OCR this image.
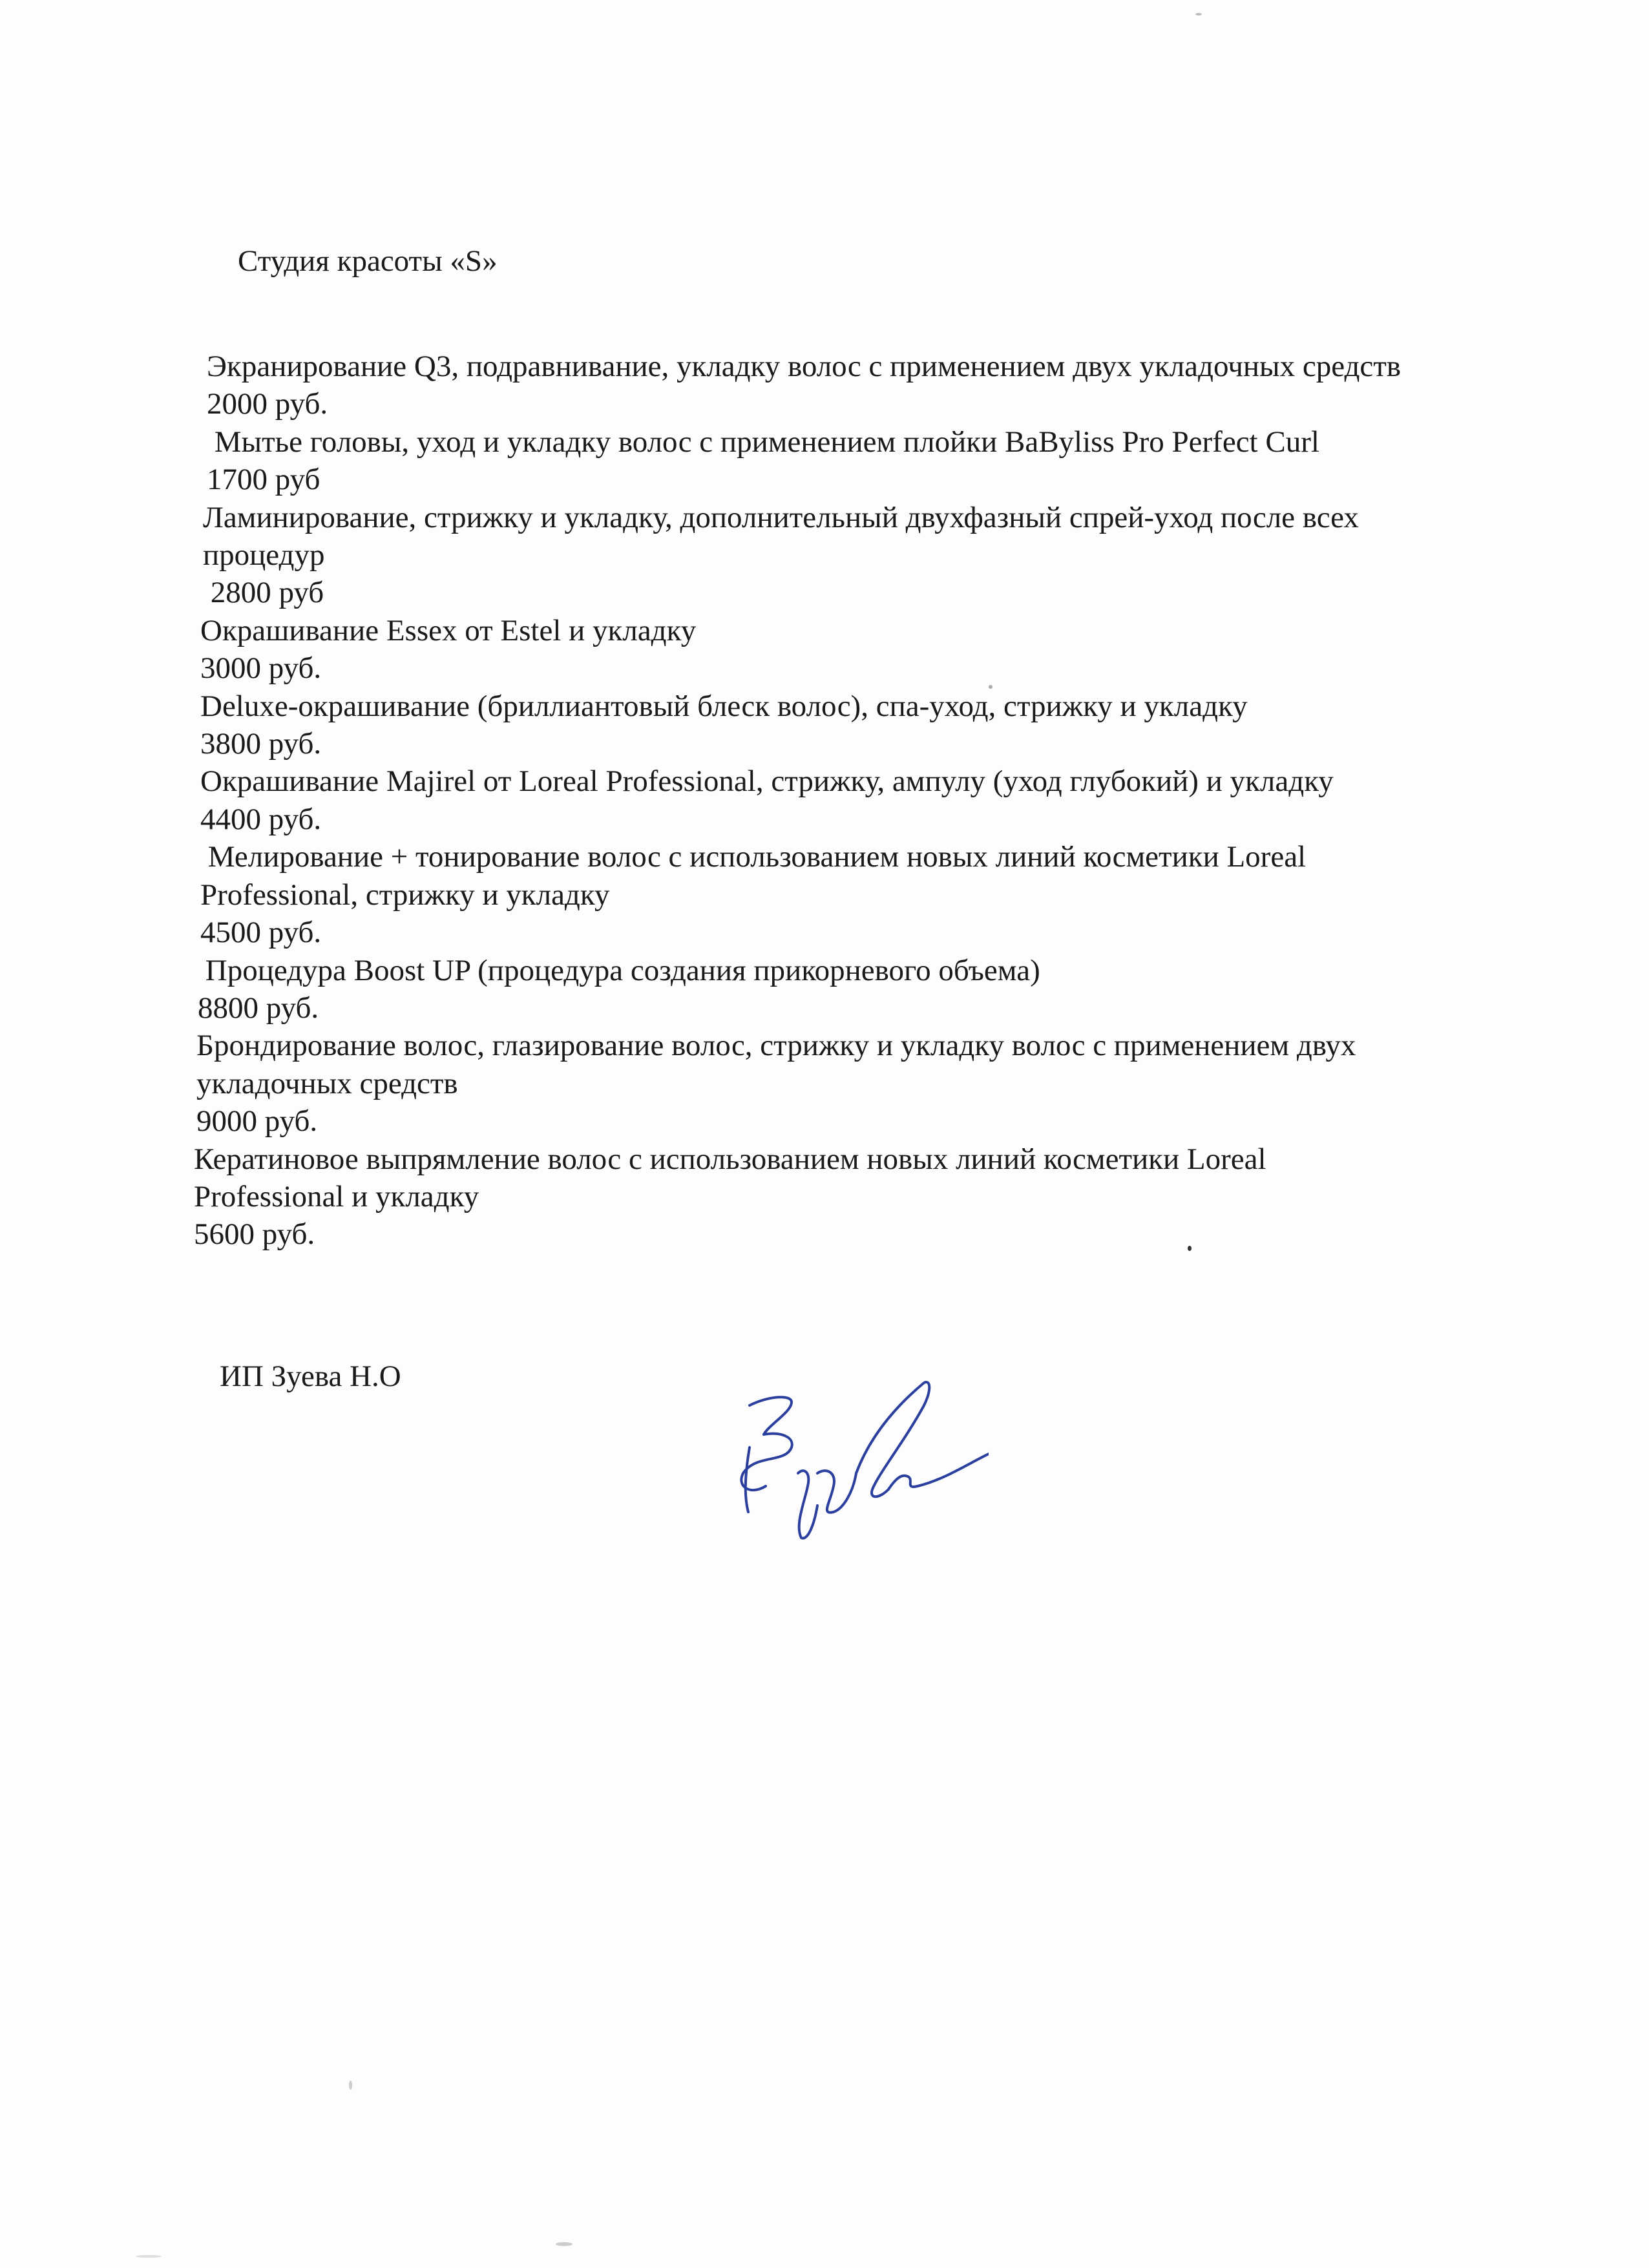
Студия красоты «S»
Экранирование Q3, подравнивание, укладку волос с применением двух укладочных средств
2000 руб.
Мытье головы, уход и укладку волос с применением плойки BaByliss Pro Perfect Curl
1700 руб
Ламинирование, стрижку и укладку, дополнительный двухфазный спрей-уход после всех
процедур
2800 руб
Окрашивание Essex от Estel и укладку
3000 руб.
Deluxe-окрашивание (бриллиантовый блеск волос), спа-уход, стрижку и укладку
3800 руб.
Окрашивание Majirel от Loreal Professional, стрижку, ампулу (уход глубокий) и укладку
4400 руб.
Мелирование + тонирование волос с использованием новых линий косметики Loreal
Professional, стрижку и укладку
4500 руб.
Процедура Boost UP (процедура создания прикорневого объема)
8800 руб.
Брондирование волос, глазирование волос, стрижку и укладку волос с применением двух
укладочных средств
9000 руб.
Кератиновое выпрямление волос с использованием новых линий косметики Loreal
Professional и укладку
5600 руб.
ИП Зуева Н.О
